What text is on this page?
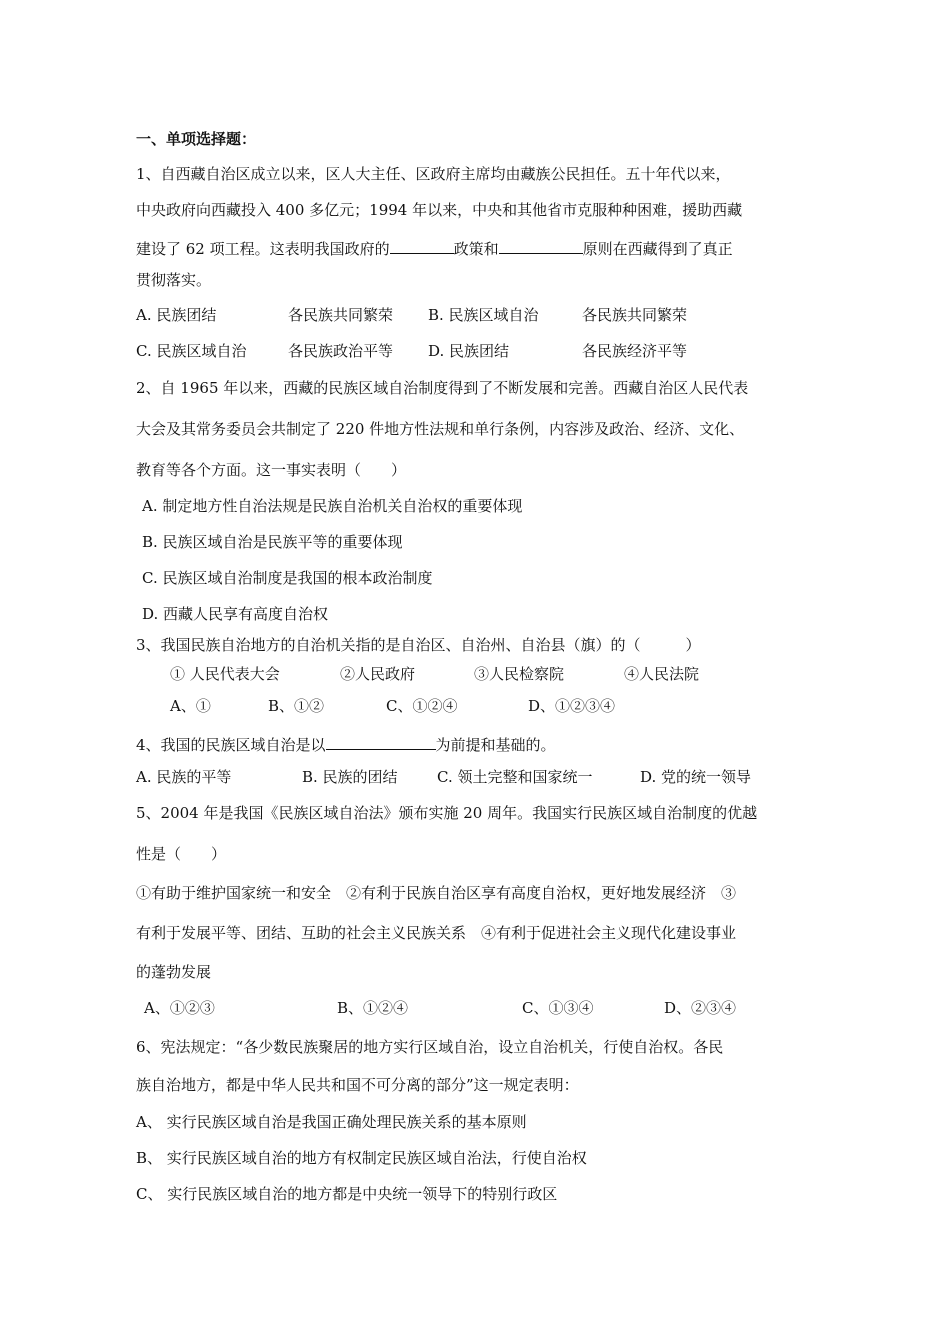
一、单项选择题：
1、自西藏自治区成立以来，区人大主任、区政府主席均由藏族公民担任。五十年代以来，
中央政府向西藏投入 400 多亿元；1994 年以来，中央和其他省市克服种种困难，援助西藏
建设了 62 项工程。这表明我国政府的	政策和	原则在西藏得到了真正
贯彻落实。
A. 民族团结	各民族共同繁荣 B. 民族区域自治	各民族共同繁荣
C. 民族区域自治	各民族政治平等 D. 民族团结	各民族经济平等
2、自 1965 年以来，西藏的民族区域自治制度得到了不断发展和完善。西藏自治区人民代表
大会及其常务委员会共制定了 220 件地方性法规和单行条例，内容涉及政治、经济、文化、
教育等各个方面。这一事实表明（　　）
A. 制定地方性自治法规是民族自治机关自治权的重要体现
B. 民族区域自治是民族平等的重要体现
C. 民族区域自治制度是我国的根本政治制度
D. 西藏人民享有高度自治权
3、我国民族自治地方的自治机关指的是自治区、自治州、自治县（旗）的（　　　）
① 人民代表大会	②人民政府	③人民检察院	④人民法院
A、①	B、①②	C、①②④	D、①②③④
4、我国的民族区域自治是以	为前提和基础的。
A. 民族的平等	B. 民族的团结	C. 领土完整和国家统一	D. 党的统一领导
5、2004 年是我国《民族区域自治法》颁布实施 20 周年。我国实行民族区域自治制度的优越
性是（　　）
①有助于维护国家统一和安全　②有利于民族自治区享有高度自治权，更好地发展经济　③
有利于发展平等、团结、互助的社会主义民族关系　④有利于促进社会主义现代化建设事业
的蓬勃发展
A、①②③	B、①②④	C、①③④	D、②③④
6、宪法规定：“各少数民族聚居的地方实行区域自治，设立自治机关，行使自治权。各民
族自治地方，都是中华人民共和国不可分离的部分”这一规定表明：
A、 实行民族区域自治是我国正确处理民族关系的基本原则
B、 实行民族区域自治的地方有权制定民族区域自治法，行使自治权
C、 实行民族区域自治的地方都是中央统一领导下的特别行政区
